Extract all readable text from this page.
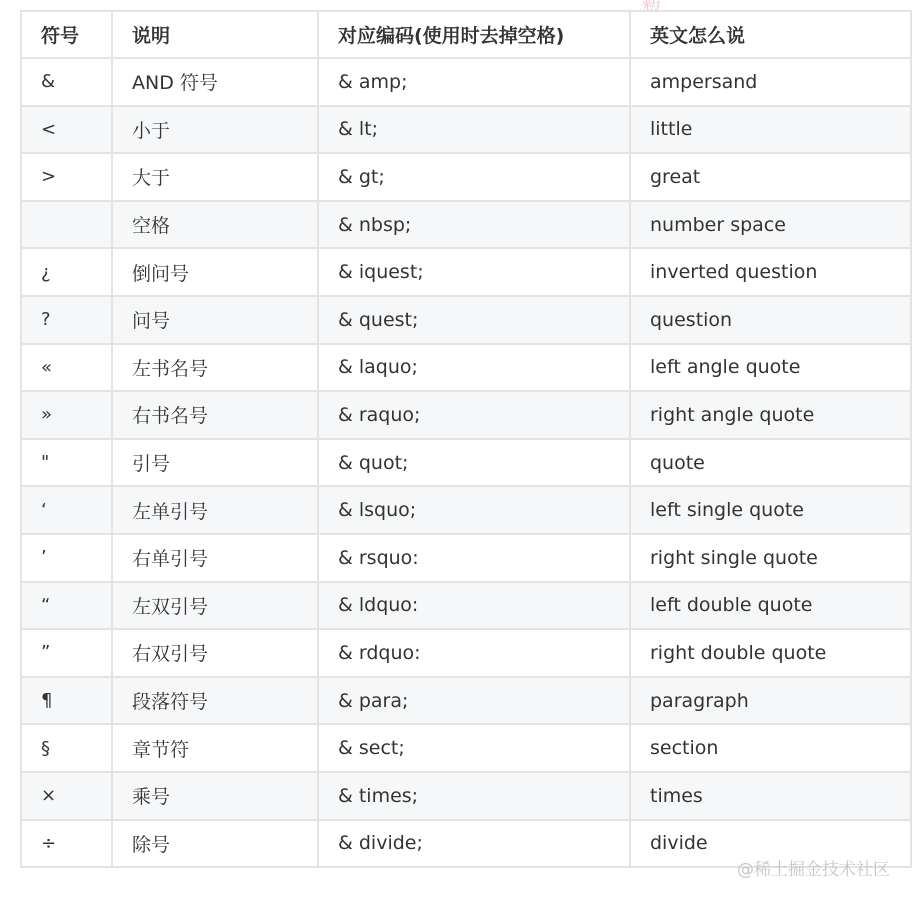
符号	说明	对应编码(使用时去掉空格)	英文怎么说
&	AND 符号	& amp;	ampersand
<	小于	& lt;	little
>	大于	& gt;	great
	空格	& nbsp;	number space
¿	倒问号	& iquest;	inverted question
?	问号	& quest;	question
«	左书名号	& laquo;	left angle quote
»	右书名号	& raquo;	right angle quote
"	引号	& quot;	quote
‘	左单引号	& lsquo;	left single quote
’	右单引号	& rsquo:	right single quote
“	左双引号	& ldquo:	left double quote
”	右双引号	& rdquo:	right double quote
¶	段落符号	& para;	paragraph
§	章节符	& sect;	section
×	乘号	& times;	times
÷	除号	& divide;	divide
@稀土掘金技术社区
